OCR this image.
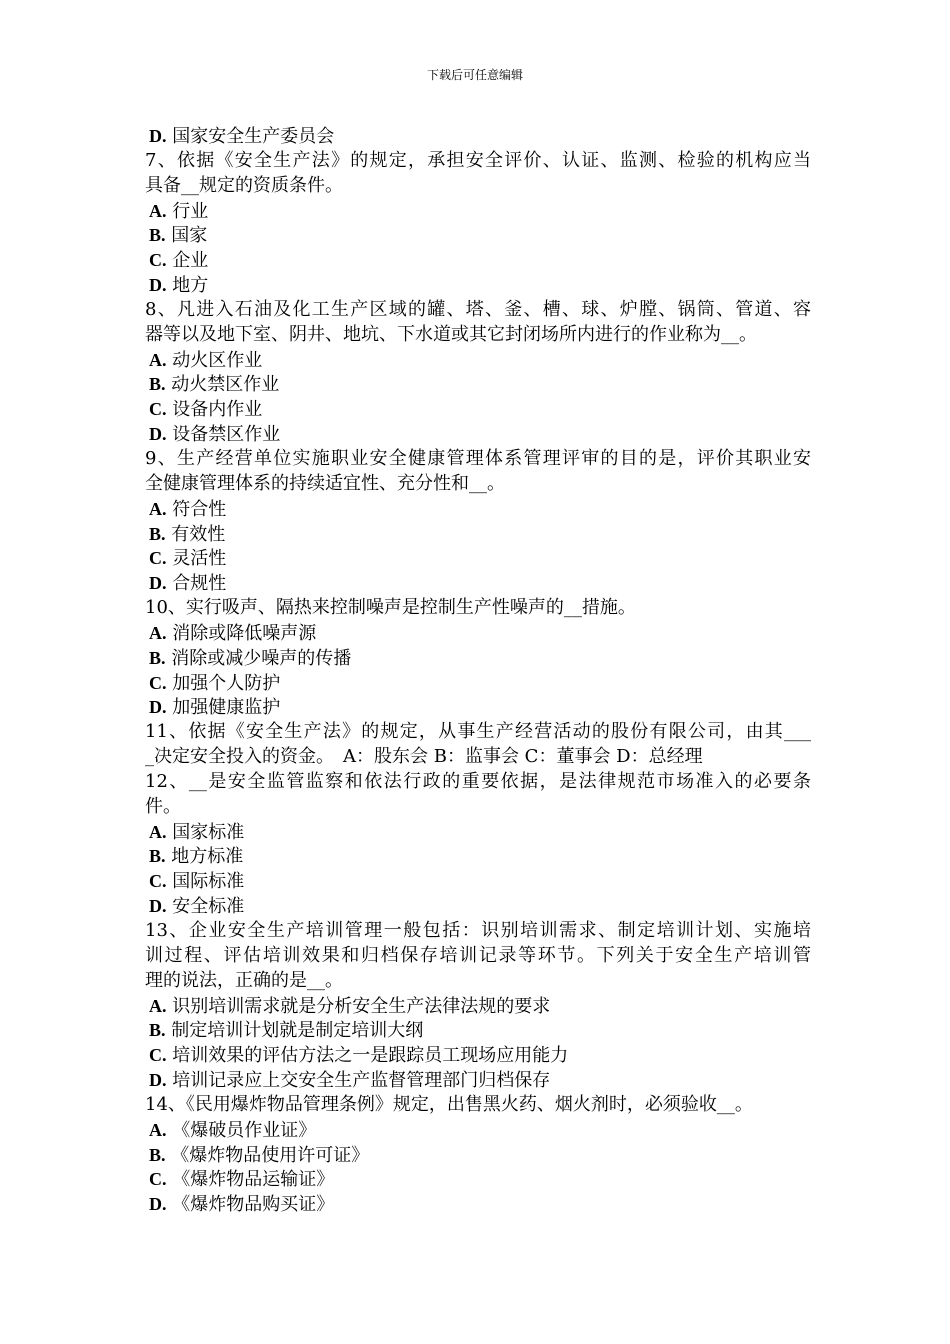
下载后可任意编辑
D. 国家安全生产委员会
7、依据《安全生产法》的规定，承担安全评价、认证、监测、检验的机构应当
具备__规定的资质条件。
A. 行业
B. 国家
C. 企业
D. 地方
8、凡进入石油及化工生产区域的罐、塔、釜、槽、球、炉膛、锅筒、管道、容
器等以及地下室、阴井、地坑、下水道或其它封闭场所内进行的作业称为__。
A. 动火区作业
B. 动火禁区作业
C. 设备内作业
D. 设备禁区作业
9、生产经营单位实施职业安全健康管理体系管理评审的目的是，评价其职业安
全健康管理体系的持续适宜性、充分性和__。
A. 符合性
B. 有效性
C. 灵活性
D. 合规性
10、实行吸声、隔热来控制噪声是控制生产性噪声的__措施。
A. 消除或降低噪声源
B. 消除或减少噪声的传播
C. 加强个人防护
D. 加强健康监护
11、依据《安全生产法》的规定，从事生产经营活动的股份有限公司，由其___
_决定安全投入的资金。　A：股东会 B：监事会 C：董事会 D：总经理
12、__是安全监管监察和依法行政的重要依据，是法律规范市场准入的必要条
件。
A. 国家标准
B. 地方标准
C. 国际标准
D. 安全标准
13、企业安全生产培训管理一般包括：识别培训需求、制定培训计划、实施培
训过程、评估培训效果和归档保存培训记录等环节。下列关于安全生产培训管
理的说法，正确的是__。
A. 识别培训需求就是分析安全生产法律法规的要求
B. 制定培训计划就是制定培训大纲
C. 培训效果的评估方法之一是跟踪员工现场应用能力
D. 培训记录应上交安全生产监督管理部门归档保存
14、《民用爆炸物品管理条例》规定，出售黑火药、烟火剂时，必须验收__。
A. 《爆破员作业证》
B. 《爆炸物品使用许可证》
C. 《爆炸物品运输证》
D. 《爆炸物品购买证》
